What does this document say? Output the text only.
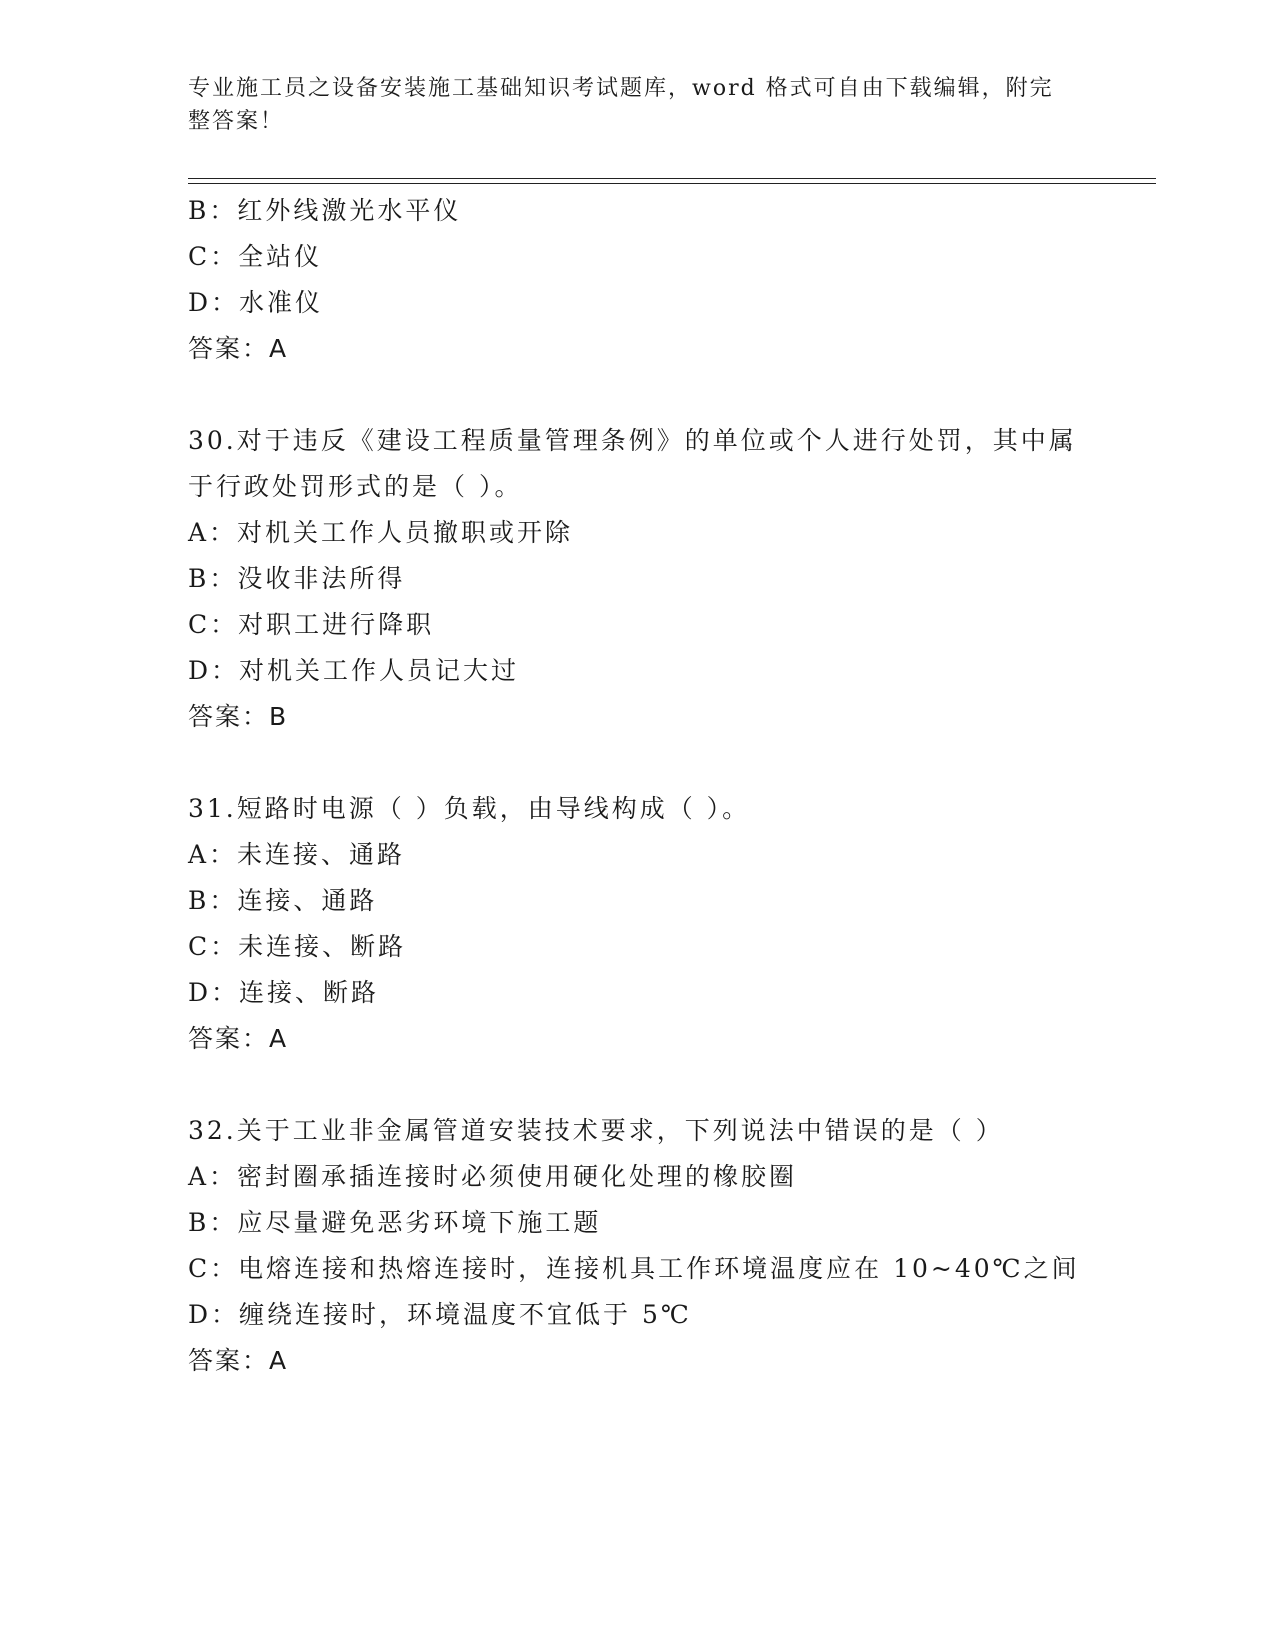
专业施工员之设备安装施工基础知识考试题库，word 格式可自由下载编辑，附完整答案！
B：红外线激光水平仪
C：全站仪
D：水准仪
答案：A
30.对于违反《建设工程质量管理条例》的单位或个人进行处罚，其中属于行政处罚形式的是（ ）。
A：对机关工作人员撤职或开除
B：没收非法所得
C：对职工进行降职
D：对机关工作人员记大过
答案：B
31.短路时电源（ ）负载，由导线构成（ ）。
A：未连接、通路
B：连接、通路
C：未连接、断路
D：连接、断路
答案：A
32.关于工业非金属管道安装技术要求，下列说法中错误的是（ ）
A：密封圈承插连接时必须使用硬化处理的橡胶圈
B：应尽量避免恶劣环境下施工题
C：电熔连接和热熔连接时，连接机具工作环境温度应在 10~40℃之间
D：缠绕连接时，环境温度不宜低于 5℃
答案：A
